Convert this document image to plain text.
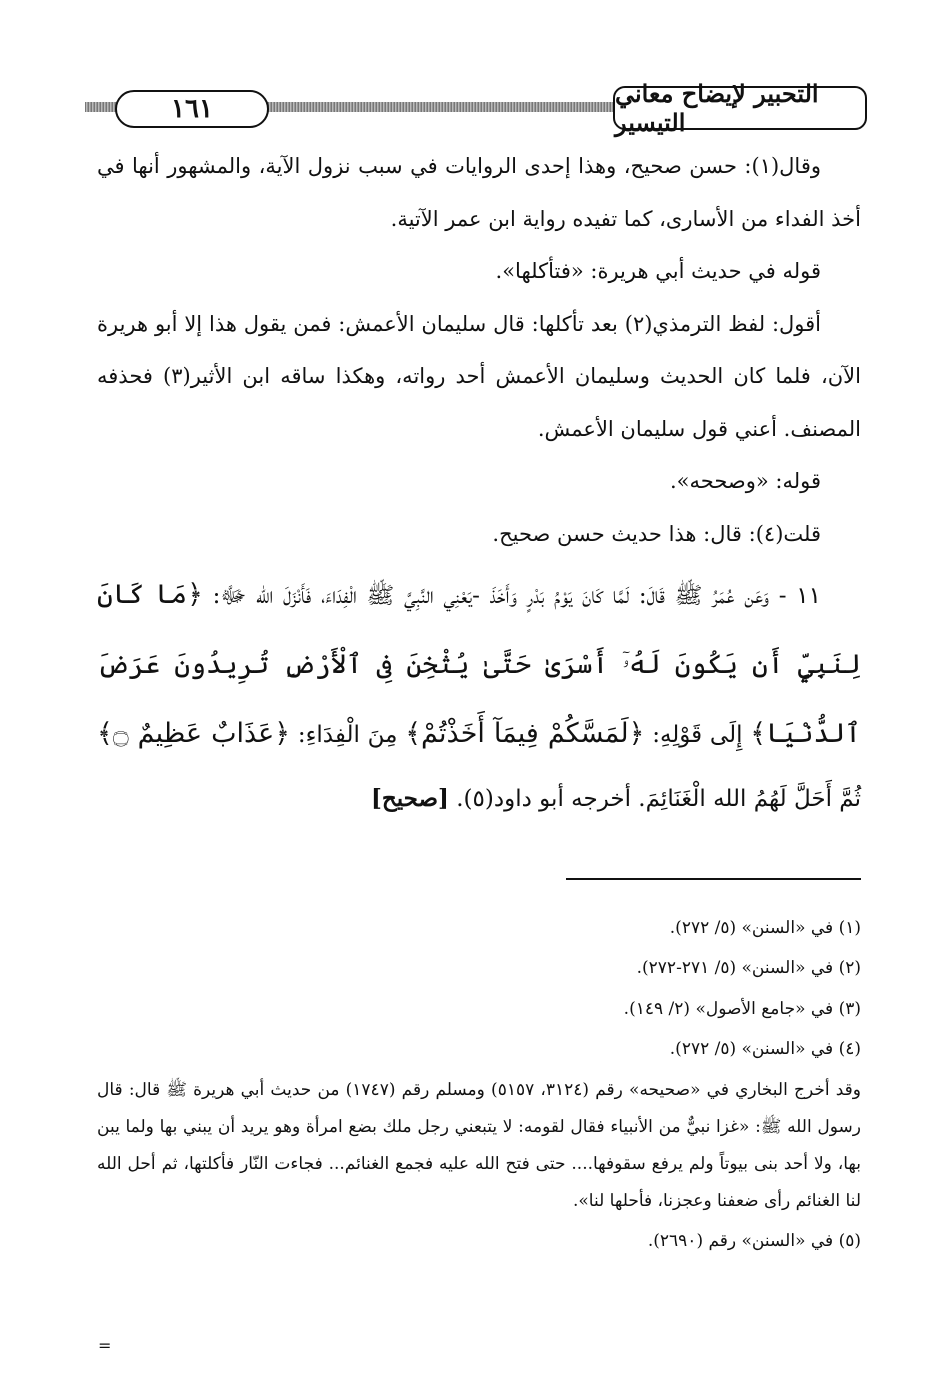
١٦١
التحبير لإيضاح معاني التيسير

وقال(١): حسن صحيح، وهذا إحدى الروايات في سبب نزول الآية، والمشهور أنها في أخذ الفداء من الأسارى، كما تفيده رواية ابن عمر الآتية.

قوله في حديث أبي هريرة: «فتأكلها».

أقول: لفظ الترمذي(٢) بعد تأكلها: قال سليمان الأعمش: فمن يقول هذا إلا أبو هريرة الآن، فلما كان الحديث وسليمان الأعمش أحد رواته، وهكذا ساقه ابن الأثير(٣) فحذفه المصنف. أعني قول سليمان الأعمش.

قوله: «وصححه».

قلت(٤): قال: هذا حديث حسن صحيح.

١١ - وَعَن عُمَرُ ﷺ قَالَ: لَمَّا كَانَ يَوْمُ بَدْرٍ وَأَخَذَ -يَعْنِي النَّبِيَّ ﷺ الْفِدَاءَ، فَأَنْزَلَ الله ﷻ: ﴿مَا كَانَ لِنَبِيٍّ أَن يَكُونَ لَهُۥٓ أَسْرَىٰ حَتَّىٰ يُثْخِنَ فِى ٱلْأَرْضِ تُرِيدُونَ عَرَضَ ٱلدُّنْيَا﴾ إِلَى قَوْلِهِ: ﴿لَمَسَّكُمْ فِيمَآ أَخَذْتُمْ﴾ مِنَ الْفِدَاءِ: ﴿عَذَابٌ عَظِيمٌ ۝﴾ ثُمَّ أَحَلَّ لَهُمُ الله الْغَنَائِمَ. أخرجه أبو داود(٥). [صحيح]

(١) في «السنن» (٥/ ٢٧٢).

(٢) في «السنن» (٥/ ٢٧١-٢٧٢).

(٣) في «جامع الأصول» (٢/ ١٤٩).

(٤) في «السنن» (٥/ ٢٧٢).

وقد أخرج البخاري في «صحيحه» رقم (٣١٢٤، ٥١٥٧) ومسلم رقم (١٧٤٧) من حديث أبي هريرة ﷺ قال: قال رسول الله ﷺ: «غزا نبيٌّ من الأنبياء فقال لقومه: لا يتبعني رجل ملك بضع امرأة وهو يريد أن يبني بها ولما يبن بها، ولا أحد بنى بيوتاً ولم يرفع سقوفها.... حتى فتح الله عليه فجمع الغنائم... فجاءت النّار فأكلتها، ثم أحل الله لنا الغنائم رأى ضعفنا وعجزنا، فأحلها لنا».

(٥) في «السنن» رقم (٢٦٩٠).

=
